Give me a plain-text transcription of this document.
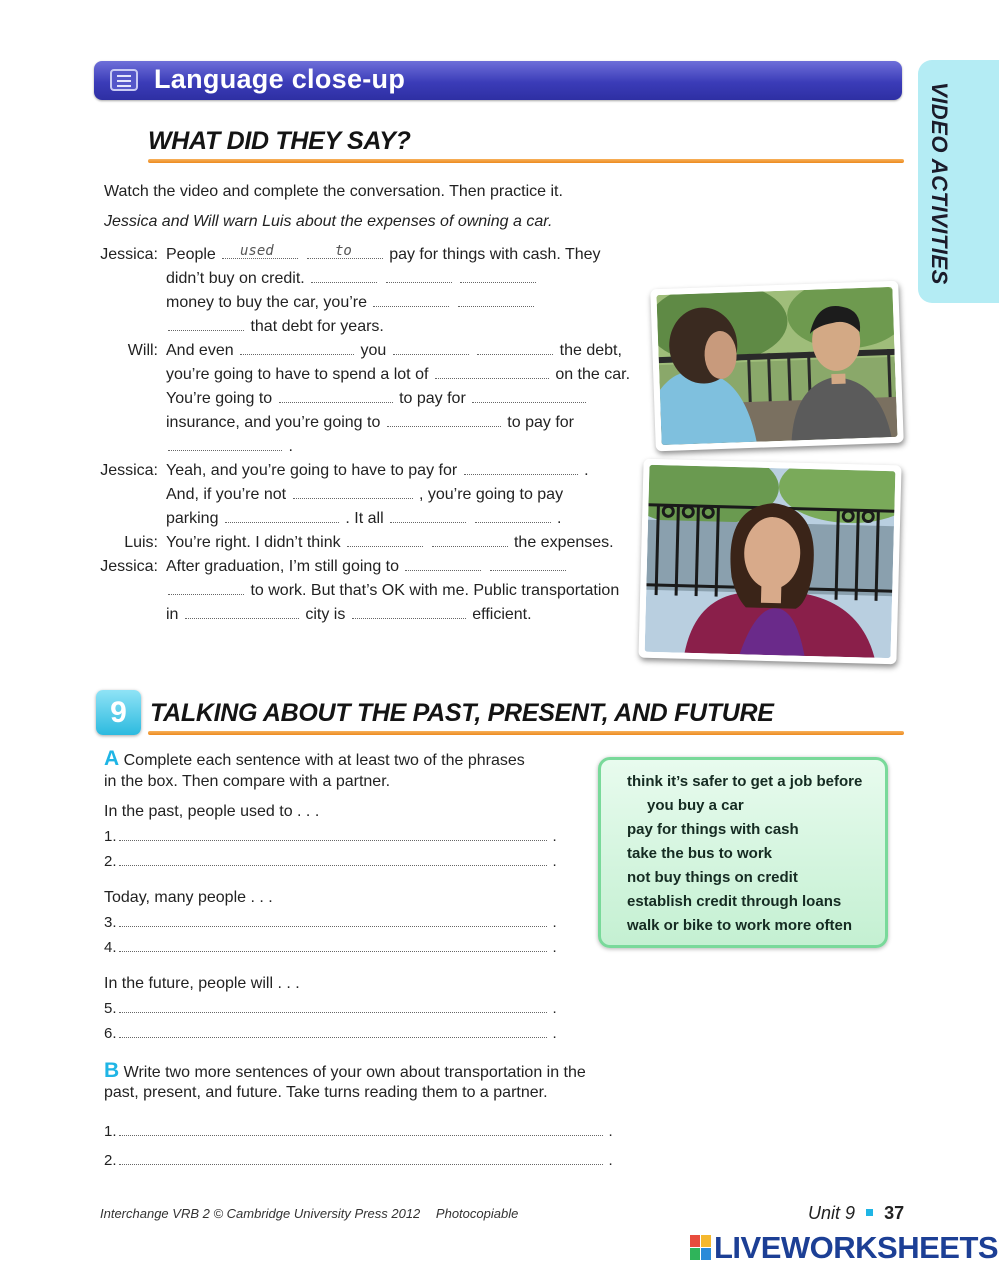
Language close-up
VIDEO ACTIVITIES
WHAT DID THEY SAY?
Watch the video and complete the conversation. Then practice it.
Jessica and Will warn Luis about the expenses of owning a car.
Jessica: People	pay for things with cash. They
used	to
didn’t buy on credit.
money to buy the car, you’re
that debt for years.
Will: And even	you	the debt,
you’re going to have to spend a lot of	on the car.
You’re going to	to pay for
insurance, and you’re going to	to pay for
.
Jessica: Yeah, and you’re going to have to pay for	.
And, if you’re not	, you’re going to pay
parking	. It all	.
Luis: You’re right. I didn’t think	the expenses.
Jessica: After graduation, I’m still going to
to work. But that’s OK with me. Public transportation
in	city is	efficient.
9 TALKING ABOUT THE PAST, PRESENT, AND FUTURE
A Complete each sentence with at least two of the phrases
in the box. Then compare with a partner.
In the past, people used to . . .
1.	.
2.	.
Today, many people . . .
3.	.
4.	.
In the future, people will . . .
5.	.
6.	.
think it’s safer to get a job before
you buy a car
pay for things with cash
take the bus to work
not buy things on credit
establish credit through loans
walk or bike to work more often
B Write two more sentences of your own about transportation in the
past, present, and future. Take turns reading them to a partner.
1.	.
2.	.
Interchange VRB 2 © Cambridge University Press 2012 Photocopiable	Unit 9 37
LIVEWORKSHEETS
